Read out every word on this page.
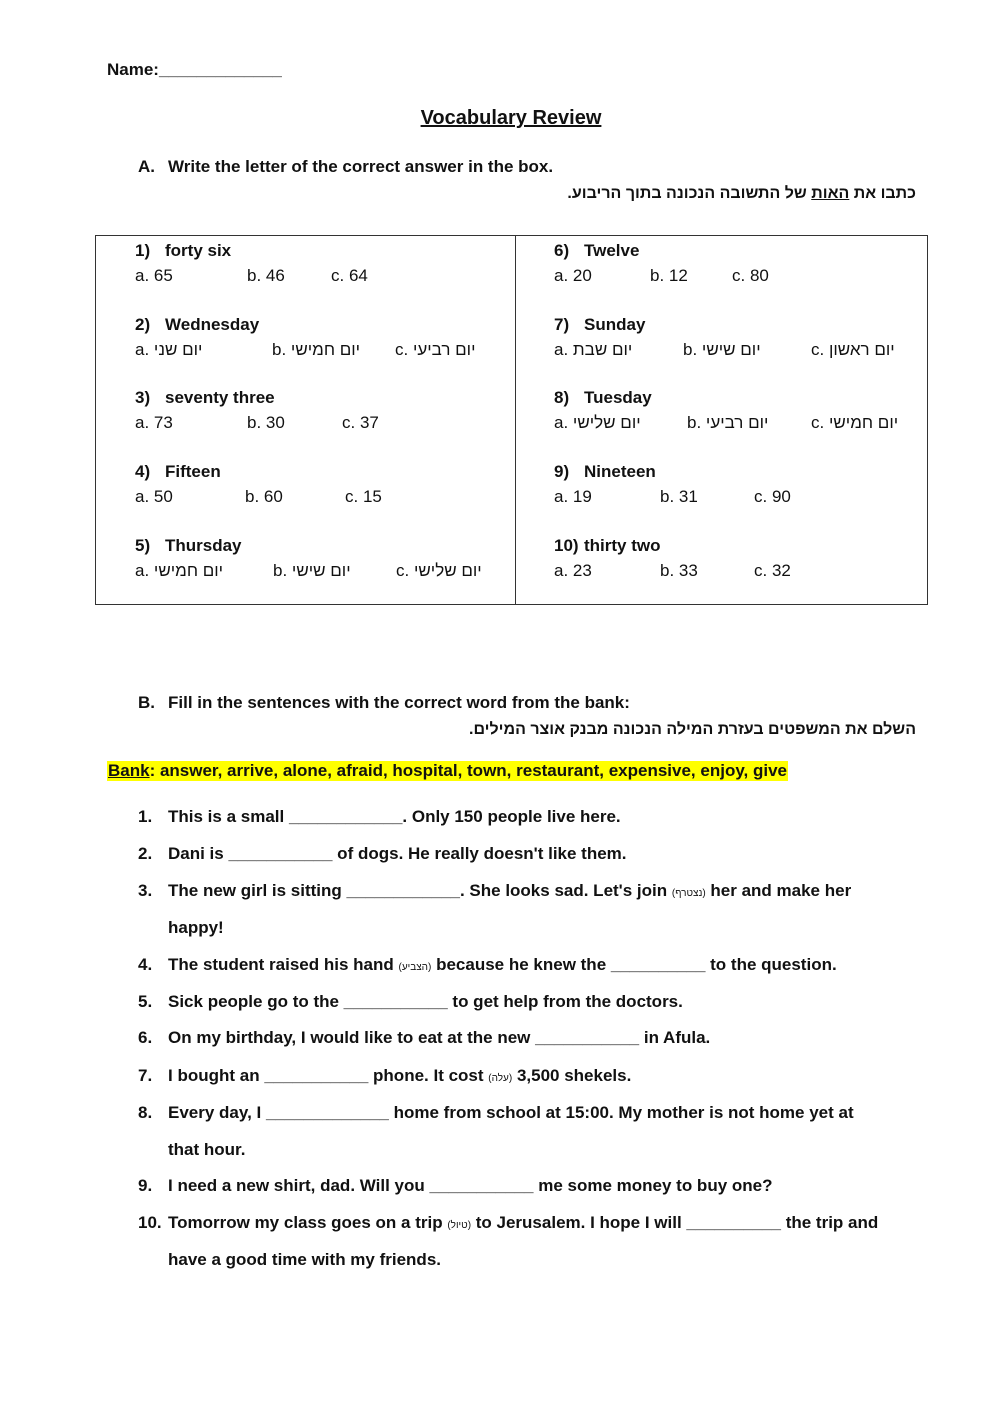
Name:_____________
Vocabulary Review
A. Write the letter of the correct answer in the box.
כתבו את האות של התשובה הנכונה בתוך הריבוע.
1) forty six
a. 65	b. 46	c. 64
2) Wednesday
a. יום שני	b. יום חמישי c. יום רביעי
3) seventy three
a. 73	b. 30	c. 37
4) Fifteen
a. 50	b. 60	c. 15
5) Thursday
a. יום חמישי	b. יום שישי	c. יום שלישי
6) Twelve
a. 20	b. 12	c. 80
7) Sunday
a. יום שבת	b. יום שישי	c. יום ראשון
8) Tuesday
a. יום שלישי	b. יום רביעי	c. יום חמישי
9) Nineteen
a. 19	b. 31	c. 90
10) thirty two
a. 23	b. 33	c. 32
B. Fill in the sentences with the correct word from the bank:
השלם את המשפטים בעזרת המילה הנכונה מבנק אוצר המילים.
Bank: answer, arrive, alone, afraid, hospital, town, restaurant, expensive, enjoy, give
1. This is a small ____________. Only 150 people live here.
2. Dani is ___________ of dogs. He really doesn't like them.
3. The new girl is sitting ____________. She looks sad. Let's join (נצטרף) her and make her
happy!
4. The student raised his hand (הצביע) because he knew the __________ to the question.
5. Sick people go to the ___________ to get help from the doctors.
6. On my birthday, I would like to eat at the new ___________ in Afula.
7. I bought an ___________ phone. It cost (עלה) 3,500 shekels.
8. Every day, I _____________ home from school at 15:00. My mother is not home yet at
that hour.
9. I need a new shirt, dad. Will you ___________ me some money to buy one?
10. Tomorrow my class goes on a trip (טיול) to Jerusalem. I hope I will __________ the trip and
have a good time with my friends.
